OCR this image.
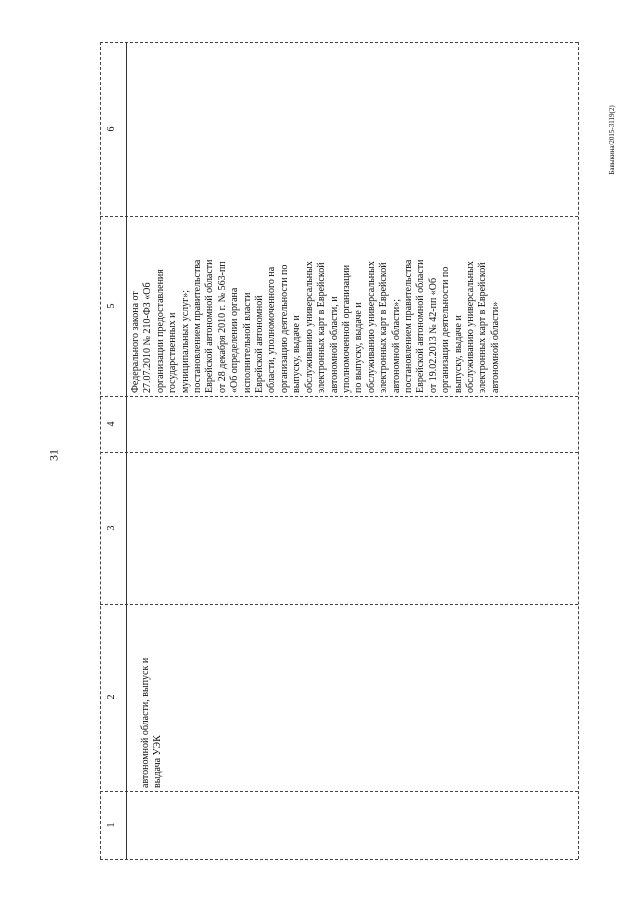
31
Бавыкина/2015-3119(2)
6
5
4
3
2
1
автономной области, выпуск и
выдача УЭК
Федерального закона от
27.07.2010 № 210-ФЗ «Об
организации предоставления
государственных и
муниципальных услуг»;
постановлением правительства
Еврейской автономной области
от 28 декабря 2010 г. № 563-пп
«Об определении органа
исполнительной власти
Еврейской автономной
области, уполномоченного на
организацию деятельности по
выпуску, выдаче и
обслуживанию универсальных
электронных карт в Еврейской
автономной области, и
уполномоченной организации
по выпуску, выдаче и
обслуживанию универсальных
электронных карт в Еврейской
автономной области»;
постановлением правительства
Еврейской автономной области
от 19.02.2013 № 42-пп «Об
организации деятельности по
выпуску, выдаче и
обслуживанию универсальных
электронных карт в Еврейской
автономной области»
